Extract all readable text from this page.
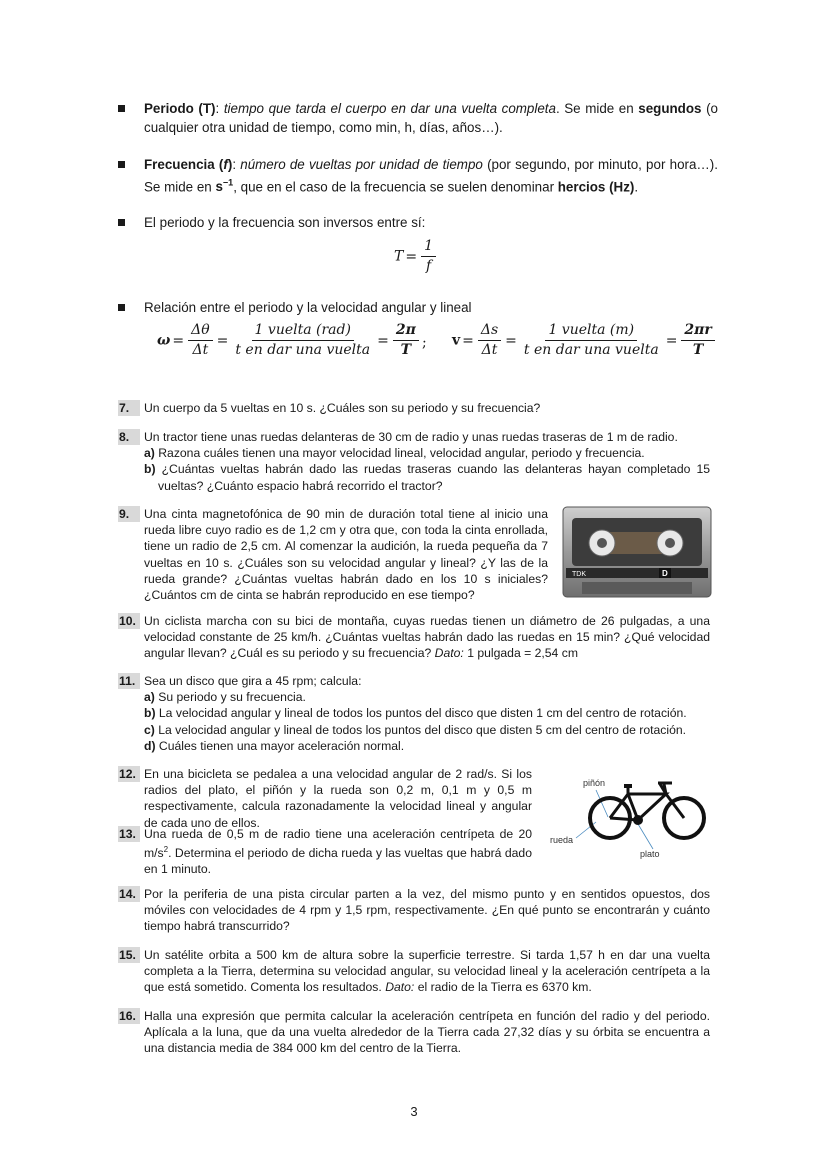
Periodo (T): tiempo que tarda el cuerpo en dar una vuelta completa. Se mide en segundos (o cualquier otra unidad de tiempo, como min, h, días, años…).
Frecuencia (f): número de vueltas por unidad de tiempo (por segundo, por minuto, por hora…). Se mide en $s^{-1}$, que en el caso de la frecuencia se suelen denominar hercios (Hz).
El periodo y la frecuencia son inversos entre sí:
$T = \frac{1}{f}$
Relación entre el periodo y la velocidad angular y lineal
$\omega = \frac{\Delta\theta}{\Delta t} = \frac{\text{1 vuelta (rad)}}{\text{t en dar una vuelta}} = \frac{2\pi}{T}$ ; $v = \frac{\Delta s}{\Delta t} = \frac{\text{1 vuelta (m)}}{\text{t en dar una vuelta}} = \frac{2\pi r}{T}$
7.	Un cuerpo da 5 vueltas en 10 s. ¿Cuáles son su periodo y su frecuencia?
8.	Un tractor tiene unas ruedas delanteras de 30 cm de radio y unas ruedas traseras de 1 m de radio.
a) Razona cuáles tienen una mayor velocidad lineal, velocidad angular, periodo y frecuencia.
b) ¿Cuántas vueltas habrán dado las ruedas traseras cuando las delanteras hayan completado 15 vueltas? ¿Cuánto espacio habrá recorrido el tractor?
9.	Una cinta magnetofónica de 90 min de duración total tiene al inicio una rueda libre cuyo radio es de 1,2 cm y otra que, con toda la cinta enrollada, tiene un radio de 2,5 cm. Al comenzar la audición, la rueda pequeña da 7 vueltas en 10 s. ¿Cuáles son su velocidad angular y lineal? ¿Y las de la rueda grande? ¿Cuántas vueltas habrán dado en los 10 s iniciales? ¿Cuántos cm de cinta se habrán reproducido en ese tiempo?
TDK	D
10. Un ciclista marcha con su bici de montaña, cuyas ruedas tienen un diámetro de 26 pulgadas, a una velocidad constante de 25 km/h. ¿Cuántas vueltas habrán dado las ruedas en 15 min? ¿Qué velocidad angular llevan? ¿Cuál es su periodo y su frecuencia? Dato: 1 pulgada = 2,54 cm
11. Sea un disco que gira a 45 rpm; calcula:
a) Su periodo y su frecuencia.
b) La velocidad angular y lineal de todos los puntos del disco que disten 1 cm del centro de rotación.
c) La velocidad angular y lineal de todos los puntos del disco que disten 5 cm del centro de rotación.
d) Cuáles tienen una mayor aceleración normal.
12. En una bicicleta se pedalea a una velocidad angular de 2 rad/s. Si los radios del plato, el piñón y la rueda son 0,2 m, 0,1 m y 0,5 m respectivamente, calcula razonadamente la velocidad lineal y angular de cada uno de ellos.
13. Una rueda de 0,5 m de radio tiene una aceleración centrípeta de 20 $m/s^2$. Determina el periodo de dicha rueda y las vueltas que habrá dado en 1 minuto.
piñón
rueda
plato
14. Por la periferia de una pista circular parten a la vez, del mismo punto y en sentidos opuestos, dos móviles con velocidades de 4 rpm y 1,5 rpm, respectivamente. ¿En qué punto se encontrarán y cuánto tiempo habrá transcurrido?
15. Un satélite orbita a 500 km de altura sobre la superficie terrestre. Si tarda 1,57 h en dar una vuelta completa a la Tierra, determina su velocidad angular, su velocidad lineal y la aceleración centrípeta a la que está sometido. Comenta los resultados. Dato: el radio de la Tierra es 6370 km.
16. Halla una expresión que permita calcular la aceleración centrípeta en función del radio y del periodo. Aplícala a la luna, que da una vuelta alrededor de la Tierra cada 27,32 días y su órbita se encuentra a una distancia media de 384 000 km del centro de la Tierra.
3
